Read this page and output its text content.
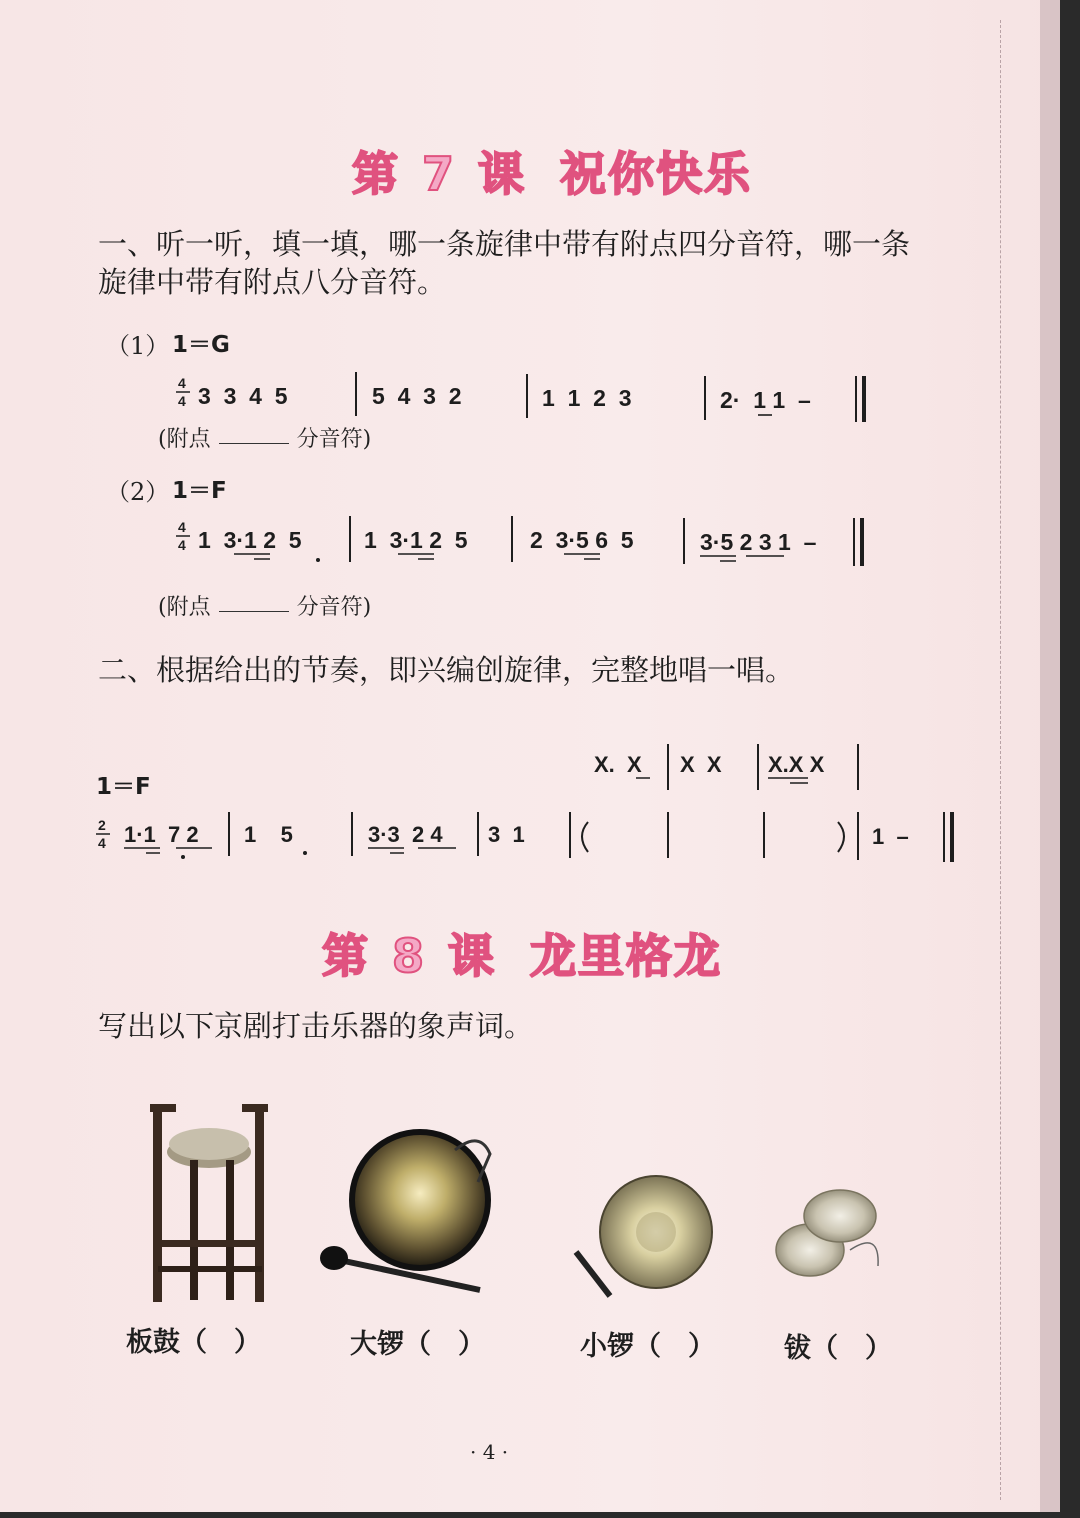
第 7 课 祝你快乐
一、听一听，填一填，哪一条旋律中带有附点四分音符，哪一条
旋律中带有附点八分音符。
（1） 1＝G
4
4 3  3  4  5	5  4  3  2	1  1  2  3	2·  1 1  –
4
4 1  3·1 2  5	1  3·1 2  5	2  3·5 6  5	3·5 2 3 1  –
X.  X X  X X.X X
2
4 1·1  7 2 1    5	3·3  2 4 3  1	1  –
(附点	分音符)
（2） 1＝F
(附点	分音符)
二、根据给出的节奏，即兴编创旋律，完整地唱一唱。
1＝F
第 8 课 龙里格龙
写出以下京剧打击乐器的象声词。
板鼓（　）	大锣（　）	小锣（　）	钹（　）
· 4 ·
